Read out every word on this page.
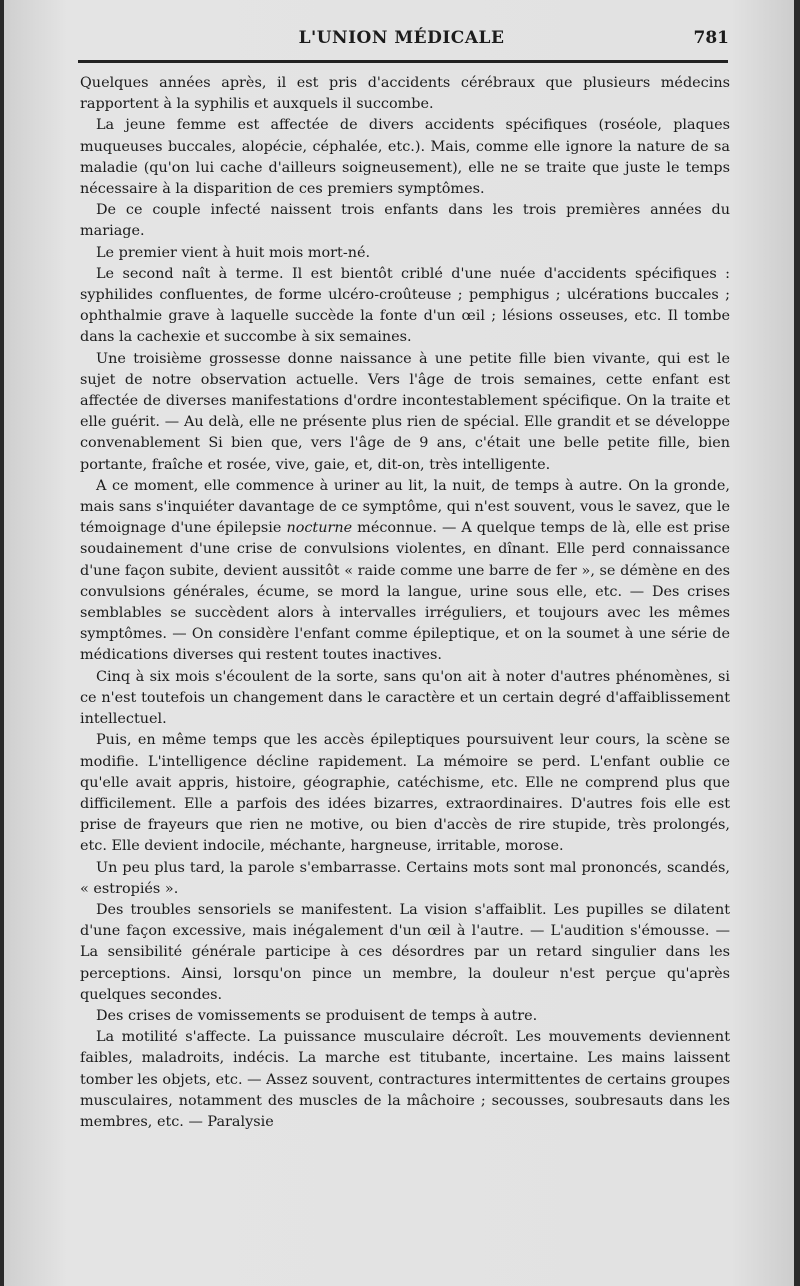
L'UNION MÉDICALE	781

Quelques années après, il est pris d'accidents cérébraux que plusieurs médecins rapportent à la syphilis et auxquels il succombe.

La jeune femme est affectée de divers accidents spécifiques (roséole, plaques muqueuses buccales, alopécie, céphalée, etc.). Mais, comme elle ignore la nature de sa maladie (qu'on lui cache d'ailleurs soigneusement), elle ne se traite que juste le temps nécessaire à la disparition de ces premiers symptômes.

De ce couple infecté naissent trois enfants dans les trois premières années du mariage.

Le premier vient à huit mois mort-né.

Le second naît à terme. Il est bientôt criblé d'une nuée d'accidents spécifiques : syphilides confluentes, de forme ulcéro-croûteuse ; pemphigus ; ulcérations buccales ; ophthalmie grave à laquelle succède la fonte d'un œil ; lésions osseuses, etc. Il tombe dans la cachexie et succombe à six semaines.

Une troisième grossesse donne naissance à une petite fille bien vivante, qui est le sujet de notre observation actuelle. Vers l'âge de trois semaines, cette enfant est affectée de diverses manifestations d'ordre incontestablement spécifique. On la traite et elle guérit. — Au delà, elle ne présente plus rien de spécial. Elle grandit et se développe convenablement Si bien que, vers l'âge de 9 ans, c'était une belle petite fille, bien portante, fraîche et rosée, vive, gaie, et, dit-on, très intelligente.

A ce moment, elle commence à uriner au lit, la nuit, de temps à autre. On la gronde, mais sans s'inquiéter davantage de ce symptôme, qui n'est souvent, vous le savez, que le témoignage d'une épilepsie nocturne méconnue. — A quelque temps de là, elle est prise soudainement d'une crise de convulsions violentes, en dînant. Elle perd connaissance d'une façon subite, devient aussitôt « raide comme une barre de fer », se démène en des convulsions générales, écume, se mord la langue, urine sous elle, etc. — Des crises semblables se succèdent alors à intervalles irréguliers, et toujours avec les mêmes symptômes. — On considère l'enfant comme épileptique, et on la soumet à une série de médications diverses qui restent toutes inactives.

Cinq à six mois s'écoulent de la sorte, sans qu'on ait à noter d'autres phénomènes, si ce n'est toutefois un changement dans le caractère et un certain degré d'affaiblissement intellectuel.

Puis, en même temps que les accès épileptiques poursuivent leur cours, la scène se modifie. L'intelligence décline rapidement. La mémoire se perd. L'enfant oublie ce qu'elle avait appris, histoire, géographie, catéchisme, etc. Elle ne comprend plus que difficilement. Elle a parfois des idées bizarres, extraordinaires. D'autres fois elle est prise de frayeurs que rien ne motive, ou bien d'accès de rire stupide, très prolongés, etc. Elle devient indocile, méchante, hargneuse, irritable, morose.

Un peu plus tard, la parole s'embarrasse. Certains mots sont mal prononcés, scandés, « estropiés ».

Des troubles sensoriels se manifestent. La vision s'affaiblit. Les pupilles se dilatent d'une façon excessive, mais inégalement d'un œil à l'autre. — L'audition s'émousse. — La sensibilité générale participe à ces désordres par un retard singulier dans les perceptions. Ainsi, lorsqu'on pince un membre, la douleur n'est perçue qu'après quelques secondes.

Des crises de vomissements se produisent de temps à autre.

La motilité s'affecte. La puissance musculaire décroît. Les mouvements deviennent faibles, maladroits, indécis. La marche est titubante, incertaine. Les mains laissent tomber les objets, etc. — Assez souvent, contractures intermittentes de certains groupes musculaires, notamment des muscles de la mâchoire ; secousses, soubresauts dans les membres, etc. — Paralysie
